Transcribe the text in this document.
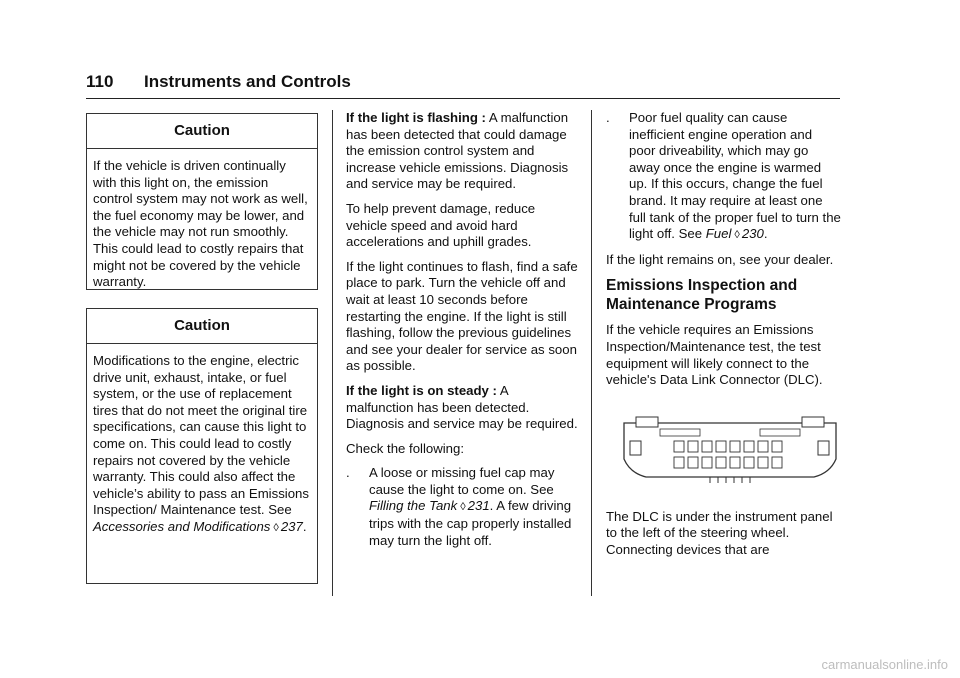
110 Instruments and Controls
Caution

If the vehicle is driven continually with this light on, the emission control system may not work as well, the fuel economy may be lower, and the vehicle may not run smoothly. This could lead to costly repairs that might not be covered by the vehicle warranty.

Caution

Modifications to the engine, electric drive unit, exhaust, intake, or fuel system, or the use of replacement tires that do not meet the original tire specifications, can cause this light to come on. This could lead to costly repairs not covered by the vehicle warranty. This could also affect the vehicle’s ability to pass an Emissions Inspection/ Maintenance test. See
Accessories and Modifications ◊ 237.

If the light is flashing : A malfunction has been detected that could damage the emission control system and increase vehicle emissions. Diagnosis and service may be required.

To help prevent damage, reduce vehicle speed and avoid hard accelerations and uphill grades.

If the light continues to flash, find a safe place to park. Turn the vehicle off and wait at least 10 seconds before restarting the engine. If the light is still flashing, follow the previous guidelines and see your dealer for service as soon as possible.

If the light is on steady : A malfunction has been detected. Diagnosis and service may be required.

Check the following:

. A loose or missing fuel cap may cause the light to come on. See Filling the Tank ◊ 231. A few driving trips with the cap properly installed may turn the light off.
. Poor fuel quality can cause inefficient engine operation and poor driveability, which may go away once the engine is warmed up. If this occurs, change the fuel brand. It may require at least one full tank of the proper fuel to turn the light off. See Fuel ◊ 230.

If the light remains on, see your dealer.

Emissions Inspection and Maintenance Programs

If the vehicle requires an Emissions Inspection/Maintenance test, the test equipment will likely connect to the vehicle's Data Link Connector (DLC).

The DLC is under the instrument panel to the left of the steering wheel. Connecting devices that are

carmanualsonline.info
